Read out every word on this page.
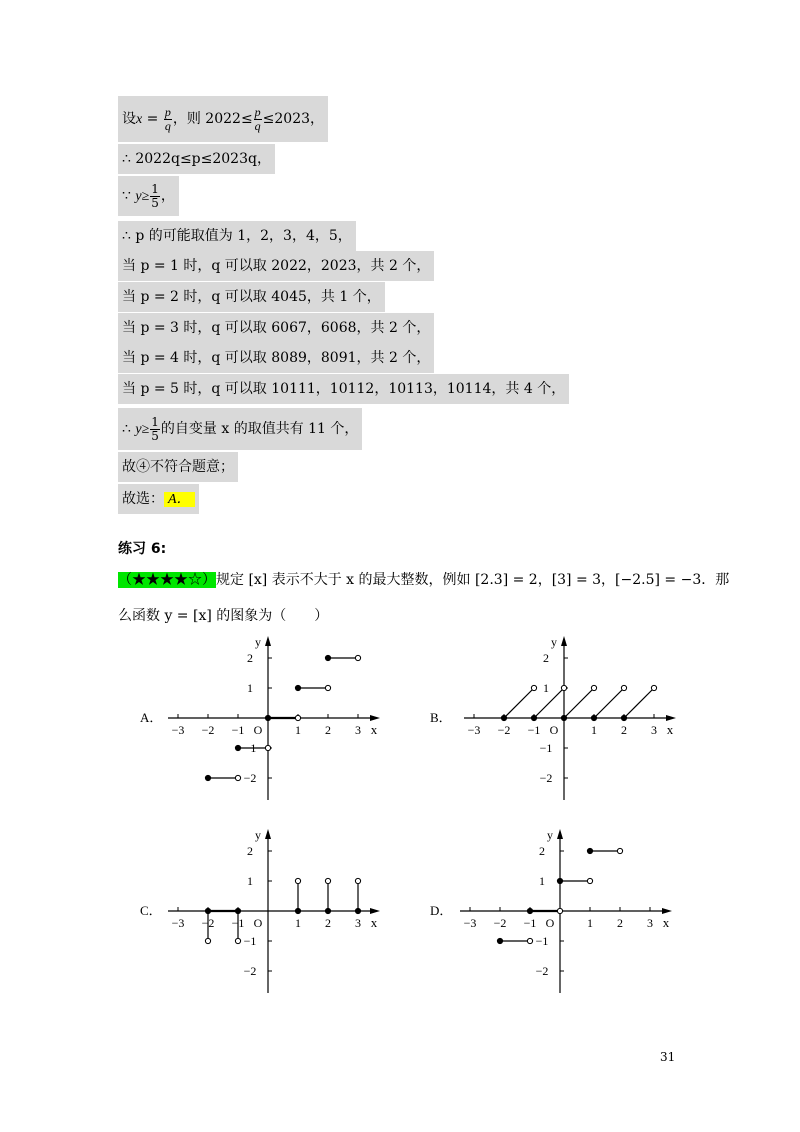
设$x = \frac{p}{q}$ ，则 $2022\le \frac{p}{q} \le 2023$，
∴ 2022q≤p≤2023q，
∵ $y\ge \frac{1}{5}$ ，
∴ p 的可能取值为 1，2，3，4，5，
当 p = 1 时，q 可以取 2022，2023，共 2 个，
当 p = 2 时，q 可以取 4045，共 1 个，
当 p = 3 时，q 可以取 6067，6068，共 2 个，
当 p = 4 时，q 可以取 8089，8091，共 2 个，
当 p = 5 时，q 可以取 10111，10112，10113，10114，共 4 个，
∴ $y\ge \frac{1}{5}$ 的自变量 x 的取值共有 11 个，
故④不符合题意；
故选： A．
练习 6:
（★★★★☆）规定 [x] 表示不大于 x 的最大整数，例如 [2.3] = 2，[3] = 3，[−2.5] = −3．那
么函数 y = [x] 的图象为（　　）
A．
x
y
O
−3 −2 −1	1 2 3
2
1
−1
−2
B．
x
y
O
−3 −2 −1	1 2 3
2
1
−1
−2
C．
x
y
O
−3 −2 −1	1 2 3
2
1
−1
−2
D．
x
y
O
−3 −2 −1	1 2 3
2
1
−1
−2
31
